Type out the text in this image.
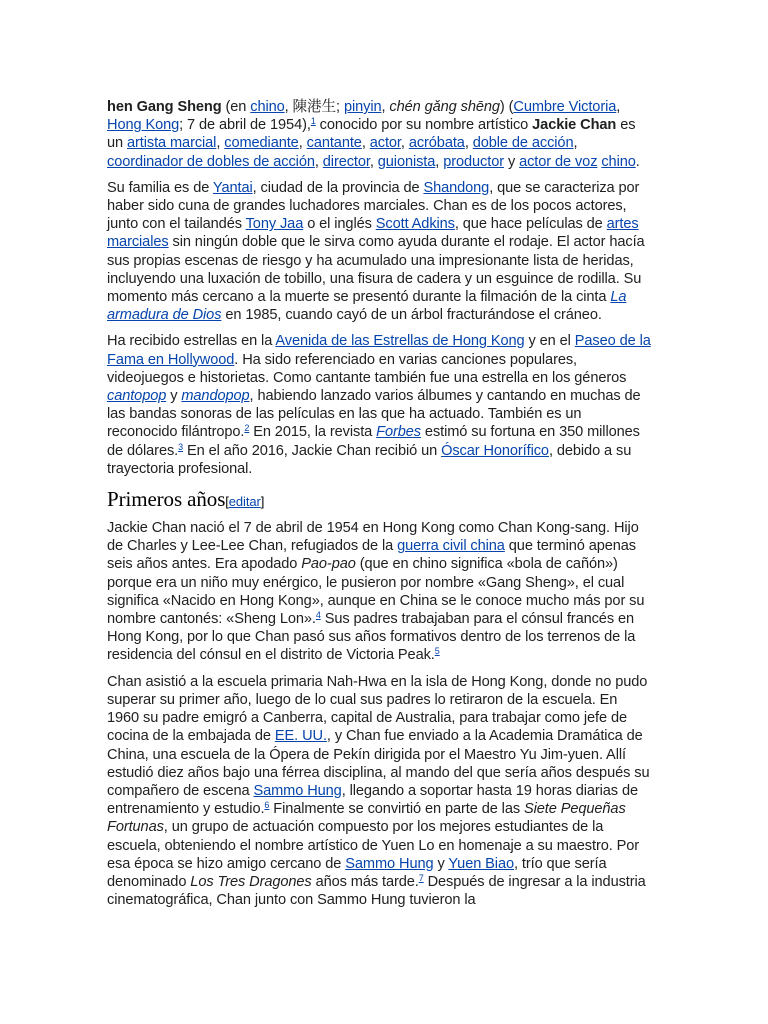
hen Gang Sheng (en chino, 陳港生; pinyin, chén gǎng shēng) (Cumbre Victoria, Hong Kong; 7 de abril de 1954),$^1$ conocido por su nombre artístico Jackie Chan es un artista marcial, comediante, cantante, actor, acróbata, doble de acción, coordinador de dobles de acción, director, guionista, productor y actor de voz chino.

Su familia es de Yantai, ciudad de la provincia de Shandong, que se caracteriza por haber sido cuna de grandes luchadores marciales. Chan es de los pocos actores, junto con el tailandés Tony Jaa o el inglés Scott Adkins, que hace películas de artes marciales sin ningún doble que le sirva como ayuda durante el rodaje. El actor hacía sus propias escenas de riesgo y ha acumulado una impresionante lista de heridas, incluyendo una luxación de tobillo, una fisura de cadera y un esguince de rodilla. Su momento más cercano a la muerte se presentó durante la filmación de la cinta La armadura de Dios en 1985, cuando cayó de un árbol fracturándose el cráneo.

Ha recibido estrellas en la Avenida de las Estrellas de Hong Kong y en el Paseo de la Fama en Hollywood. Ha sido referenciado en varias canciones populares, videojuegos e historietas. Como cantante también fue una estrella en los géneros cantopop y mandopop, habiendo lanzado varios álbumes y cantando en muchas de las bandas sonoras de las películas en las que ha actuado. También es un reconocido filántropo.$^2$ En 2015, la revista Forbes estimó su fortuna en 350 millones de dólares.$^3$ En el año 2016, Jackie Chan recibió un Óscar Honorífico, debido a su trayectoria profesional.

Primeros años[editar]

Jackie Chan nació el 7 de abril de 1954 en Hong Kong como Chan Kong-sang. Hijo de Charles y Lee-Lee Chan, refugiados de la guerra civil china que terminó apenas seis años antes. Era apodado Pao-pao (que en chino significa «bola de cañón») porque era un niño muy enérgico, le pusieron por nombre «Gang Sheng», el cual significa «Nacido en Hong Kong», aunque en China se le conoce mucho más por su nombre cantonés: «Sheng Lon».$^4$ Sus padres trabajaban para el cónsul francés en Hong Kong, por lo que Chan pasó sus años formativos dentro de los terrenos de la residencia del cónsul en el distrito de Victoria Peak.$^5$

Chan asistió a la escuela primaria Nah-Hwa en la isla de Hong Kong, donde no pudo superar su primer año, luego de lo cual sus padres lo retiraron de la escuela. En 1960 su padre emigró a Canberra, capital de Australia, para trabajar como jefe de cocina de la embajada de EE. UU., y Chan fue enviado a la Academia Dramática de China, una escuela de la Ópera de Pekín dirigida por el Maestro Yu Jim-yuen. Allí estudió diez años bajo una férrea disciplina, al mando del que sería años después su compañero de escena Sammo Hung, llegando a soportar hasta 19 horas diarias de entrenamiento y estudio.$^6$ Finalmente se convirtió en parte de las Siete Pequeñas Fortunas, un grupo de actuación compuesto por los mejores estudiantes de la escuela, obteniendo el nombre artístico de Yuen Lo en homenaje a su maestro. Por esa época se hizo amigo cercano de Sammo Hung y Yuen Biao, trío que sería denominado Los Tres Dragones años más tarde.$^7$ Después de ingresar a la industria cinematográfica, Chan junto con Sammo Hung tuvieron la
